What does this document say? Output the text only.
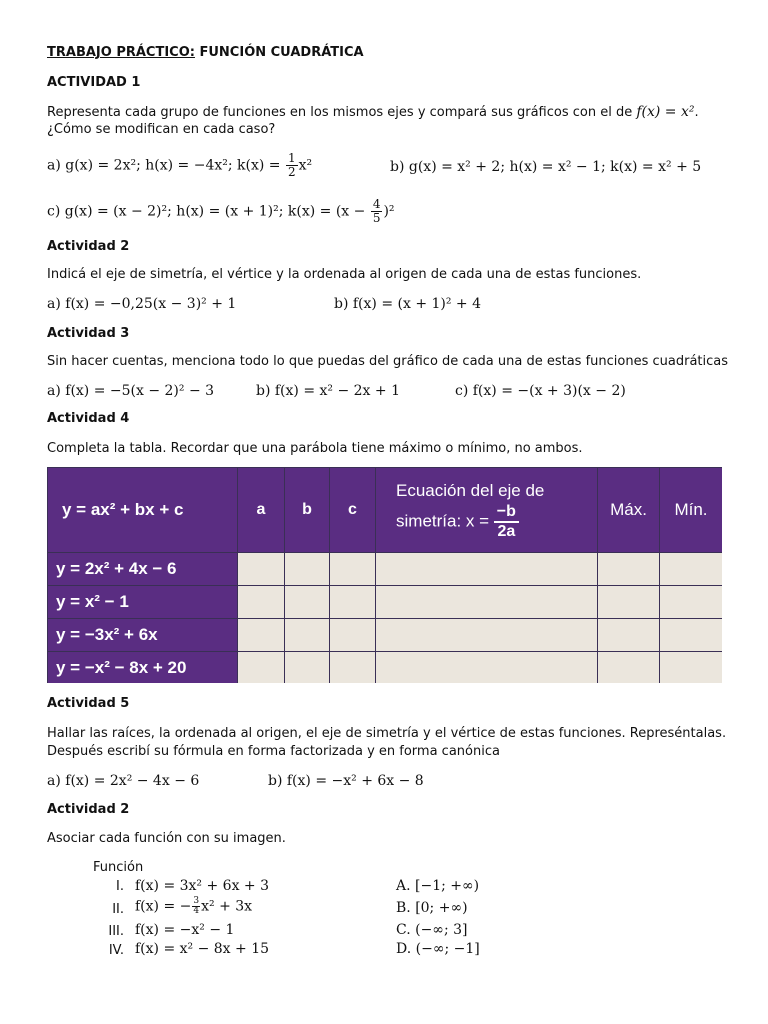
TRABAJO PRÁCTICO: FUNCIÓN CUADRÁTICA
ACTIVIDAD 1
Representa cada grupo de funciones en los mismos ejes y compará sus gráficos con el de f(x) = x².
¿Cómo se modifican en cada caso?
a) g(x) = 2x²; h(x) = −4x²; $k(x) = \frac{1}{2} x^2$	b) g(x) = x² + 2; h(x) = x² − 1; k(x) = x² + 5
c) g(x) = (x − 2)²; h(x) = (x + 1)²; $k(x) = (x - \frac{4}{5} )^2$
Actividad 2
Indicá el eje de simetría, el vértice y la ordenada al origen de cada una de estas funciones.
a) f(x) = −0,25(x − 3)² + 1	b) f(x) = (x + 1)² + 4
Actividad 3
Sin hacer cuentas, menciona todo lo que puedas del gráfico de cada una de estas funciones cuadráticas
a) f(x) = −5(x − 2)² − 3	b) f(x) = x² − 2x + 1	c) f(x) = −(x + 3)(x − 2)
Actividad 4
Completa la tabla. Recordar que una parábola tiene máximo o mínimo, no ambos.
y = ax² + bx + c	a	b	c	Ecuación del eje de
simetría: $x = \frac{-b}{2a}$	Máx.	Mín.
y = 2x² + 4x − 6						
y = x² − 1						
y = −3x² + 6x						
y = −x² − 8x + 20						
Actividad 5
Hallar las raíces, la ordenada al origen, el eje de simetría y el vértice de estas funciones. Represéntalas.
Después escribí su fórmula en forma factorizada y en forma canónica
a) f(x) = 2x² − 4x − 6	b) f(x) = −x² + 6x − 8
Actividad 2
Asociar cada función con su imagen.
Función
I. f(x) = 3x² + 6x + 3	A. [−1; +∞)
II. f(x) = − $\frac{3}{4} x^2 + 3x$	B. [0; +∞)
III. f(x) = −x² − 1	C. (−∞; 3]
IV. f(x) = x² − 8x + 15	D. (−∞; −1]
